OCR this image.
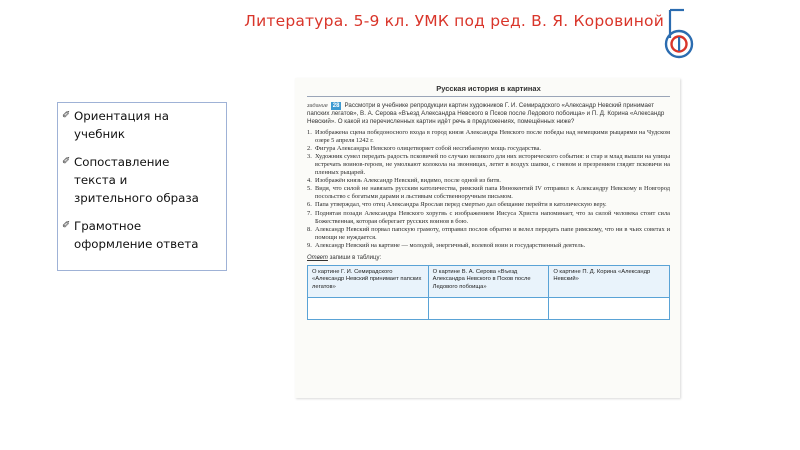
Литература. 5-9 кл. УМК под ред. В. Я. Коровиной
✐ Ориентация на
учебник
✐ Сопоставление
текста и
зрительного образа
✐ Грамотное
оформление ответа
Русская история в картинах
задание 28 Рассмотри в учебнике репродукции картин художников Г. И. Семирадского «Александр Невский принимает папских легатов», В. А. Серова «Въезд Александра Невского в Псков после Ледового побоища» и П. Д. Корина «Александр Невский». О какой из перечисленных картин идёт речь в предложениях, помещённых ниже?
1. Изображена сцена победоносного входа в город князя Александра Невского после победы над немецкими рыцарями на Чудском озере 5 апреля 1242 г.
2. Фигура Александра Невского олицетворяет собой несгибаемую мощь государства.
3. Художник сумел передать радость псковичей по случаю великого для них исторического события: и стар и млад вышли на улицы встречать воинов-героев, не умолкают колокола на звонницах, летят в воздух шапки, с гневом и презрением глядят псковичи на пленных рыцарей.
4. Изображён князь Александр Невский, видимо, после одной из битв.
5. Видя, что силой не навязать русским католичества, римский папа Иннокентий IV отправил к Александру Невскому в Новгород посольство с богатыми дарами и льстивым собственноручным письмом.
6. Папа утверждал, что отец Александра Ярослав перед смертью дал обещание перейти в католическую веру.
7. Поднятая позади Александра Невского хоругвь с изображением Иисуса Христа напоминает, что за силой человека стоит сила Божественная, которая оберегает русских воинов в бою.
8. Александр Невский порвал папскую грамоту, отправил послов обратно и велел передать папе римскому, что ни в чьих советах и помощи не нуждается.
9. Александр Невский на картине — молодой, энергичный, волевой воин и государственный деятель.
Ответ запиши в таблицу:
О картине Г. И. Семирадского «Александр Невский принимает папских легатов»	О картине В. А. Серова «Въезд Александра Невского в Псков после Ледового побоища»	О картине П. Д. Корина «Александр Невский»
